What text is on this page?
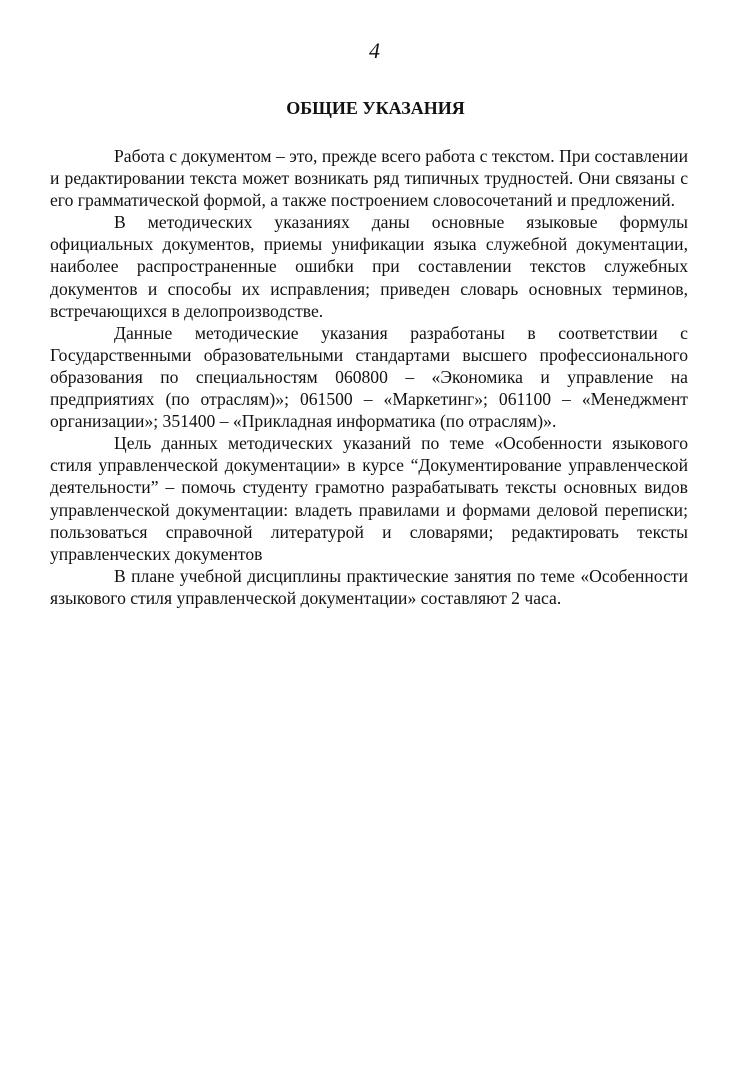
4
ОБЩИЕ УКАЗАНИЯ

Работа с документом – это, прежде всего работа с текстом. При составлении и редактировании текста может возникать ряд типичных трудностей. Они связаны с его грамматической формой, а также построением словосочетаний и предложений.

В методических указаниях даны основные языковые формулы официальных документов, приемы унификации языка служебной документации, наиболее распространенные ошибки при составлении текстов служебных документов и способы их исправления; приведен словарь основных терминов, встречающихся в делопроизводстве.

Данные методические указания разработаны в соответствии с Государственными образовательными стандартами высшего профессионального образования по специальностям 060800 – «Экономика и управление на предприятиях (по отраслям)»; 061500 – «Маркетинг»; 061100 – «Менеджмент организации»; 351400 – «Прикладная информатика (по отраслям)».

Цель данных методических указаний по теме «Особенности языкового стиля управленческой документации» в курсе “Документирование управленческой деятельности” – помочь студенту грамотно разрабатывать тексты основных видов управленческой документации: владеть правилами и формами деловой переписки; пользоваться справочной литературой и словарями; редактировать тексты управленческих документов

В плане учебной дисциплины практические занятия по теме «Особенности языкового стиля управленческой документации» составляют 2 часа.
